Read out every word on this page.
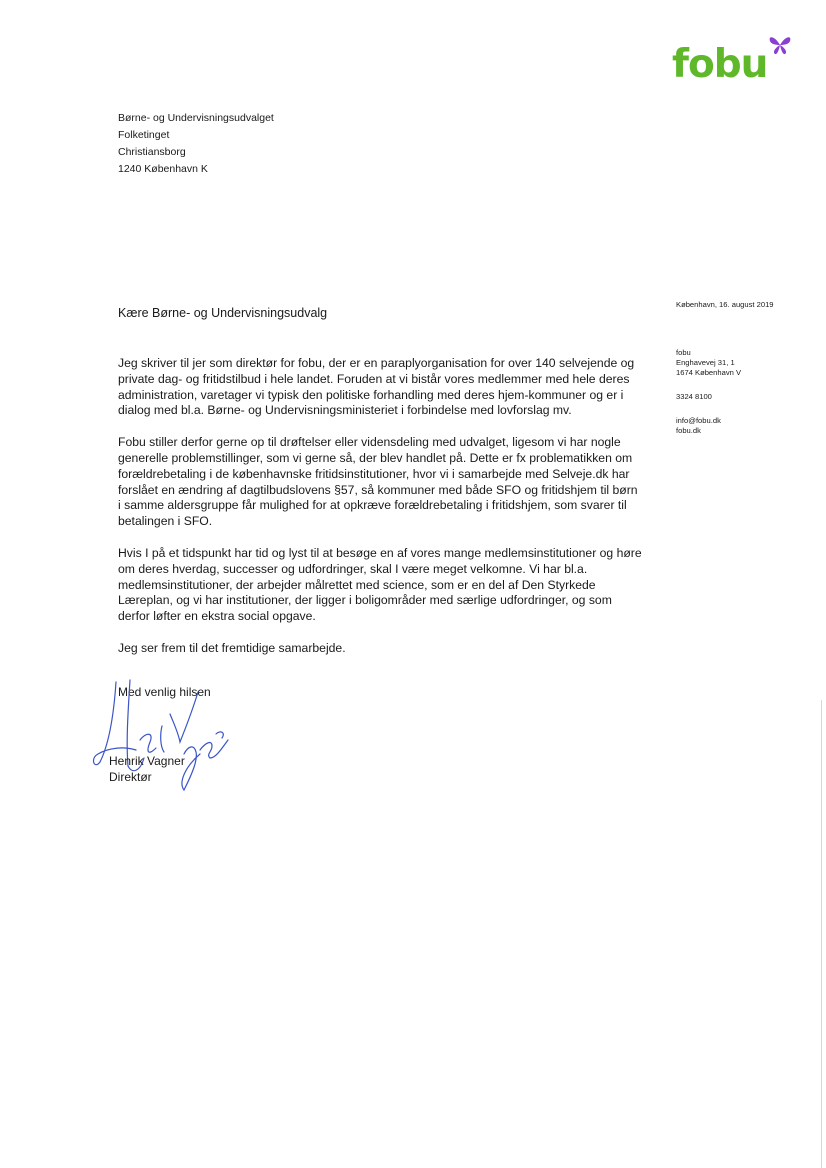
fobu
Børne- og Undervisningsudvalget
Folketinget
Christiansborg
1240 København K
København, 16. august 2019
fobu
Enghavevej 31, 1
1674 København V
3324 8100
info@fobu.dk
fobu.dk
Kære Børne- og Undervisningsudvalg

Jeg skriver til jer som direktør for fobu, der er en paraplyorganisation for over 140 selvejende og private dag- og fritidstilbud i hele landet. Foruden at vi bistår vores medlemmer med hele deres administration, varetager vi typisk den politiske forhandling med deres hjem-kommuner og er i dialog med bl.a. Børne- og Undervisningsministeriet i forbindelse med lovforslag mv.

Fobu stiller derfor gerne op til drøftelser eller vidensdeling med udvalget, ligesom vi har nogle generelle problemstillinger, som vi gerne så, der blev handlet på. Dette er fx problematikken om forældrebetaling i de københavnske fritidsinstitutioner, hvor vi i samarbejde med Selveje.dk har forslået en ændring af dagtilbudslovens §57, så kommuner med både SFO og fritidshjem til børn i samme aldersgruppe får mulighed for at opkræve forældrebetaling i fritidshjem, som svarer til betalingen i SFO.

Hvis I på et tidspunkt har tid og lyst til at besøge en af vores mange medlemsinstitutioner og høre om deres hverdag, successer og udfordringer, skal I være meget velkomne. Vi har bl.a. medlemsinstitutioner, der arbejder målrettet med science, som er en del af Den Styrkede Læreplan, og vi har institutioner, der ligger i boligområder med særlige udfordringer, og som derfor løfter en ekstra social opgave.

Jeg ser frem til det fremtidige samarbejde.

Med venlig hilsen
Henrik Vagner
Direktør
